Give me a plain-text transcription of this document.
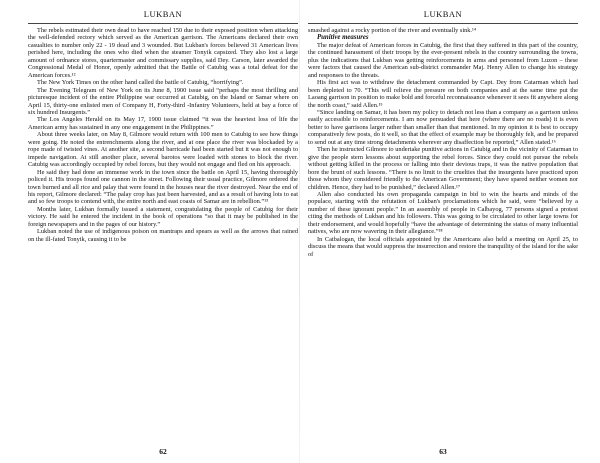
LUKBAN

The rebels estimated their own dead to have reached 150 due to their exposed position when attacking the well-defended rectory which served as the American garrison. The Americans declared their own casualties to number only 22 - 19 dead and 3 wounded. But Lukban's forces believed 31 American lives perished here, including the ones who died when the steamer Tonyik capsized. They also lost a large amount of ordnance stores, quartermaster and commissary supplies, said Dey. Carson, later awarded the Congressional Medal of Honor, openly admitted that the Battle of Catubig was a total defeat for the American forces.¹²

The New York Times on the other hand called the battle of Catubig, “horrifying”.

The Evening Telegram of New York on its June 8, 1900 issue said “perhaps the most thrilling and picturesque incident of the entire Philippine war occurred at Catubig, on the Island or Samar where on April 15, thirty-one enlisted men of Company H, Forty-third -Infantry Volunteers, held at bay a force of six hundred Insurgents.”

The Los Angeles Herald on its May 17, 1900 issue claimed “it was the heaviest loss of life the American army has sustained in any one engagement in the Philippines.”

About three weeks later, on May 8, Gilmore would return with 100 men to Catubig to see how things were going. He noted the entrenchments along the river, and at one place the river was blockaded by a rope made of twisted vines. At another site, a second barricade had been started but it was not enough to impede navigation. At still another place, several barotos were loaded with stones to block the river. Catubig was accordingly occupied by rebel forces, but they would not engage and fled on his approach.

He said they had done an immense work in the town since the battle on April 15, having thoroughly policed it. His troops found one cannon in the street. Following their usual practice, Gilmore ordered the town burned and all rice and palay that were found in the houses near the river destroyed. Near the end of his report, Gilmore declared: “The palay crop has just been harvested, and as a result of having lots to eat and so few troops to contend with, the entire north and east coasts of Samar are in rebellion.”¹³

Months later, Lukban formally issued a statement, congratulating the people of Catubig for their victory. He said he entered the incident in the book of operations “so that it may be published in the foreign newspapers and in the pages of our history.”

Lukban noted the use of indigenous poison on mantraps and spears as well as the arrows that rained on the ill-fated Tonyik, causing it to be

62
LUKBAN

smashed against a rocky portion of the river and eventually sink.¹⁴

Punitive measures

The major defeat of American forces in Catubig, the first that they suffered in this part of the country, the continued harassment of their troops by the ever-present rebels in the country surrounding the towns, plus the indications that Lukban was getting reinforcements in arms and personnel from Luzon – these were factors that caused the American sub-district commander Maj. Henry Allen to change his strategy and responses to the threats.

His first act was to withdraw the detachment commanded by Capt. Dey from Catarman which had been depleted to 70. “This will relieve the pressure on both companies and at the same time put the Laoang garrison in position to make bold and forceful reconnaissance whenever it sees fit anywhere along the north coast,” said Allen.¹⁵

“Since landing on Samar, it has been my policy to detach not less than a company as a garrison unless easily accessible to reinforcements. I am now persuaded that here (where there are no roads) it is even better to have garrisons larger rather than smaller than that mentioned. In my opinion it is best to occupy comparatively few posts, do it well, so that the effect of example may be thoroughly felt, and be prepared to send out at any time strong detachments wherever any disaffection be reported,” Allen stated.¹⁶

Then he instructed Gilmore to undertake punitive actions in Catubig and in the vicinity of Catarman to give the people stern lessons about supporting the rebel forces. Since they could not pursue the rebels without getting killed in the process or falling into their devious traps, it was the native population that bore the brunt of such lessons. “There is no limit to the cruelties that the insurgents have practiced upon those whom they considered friendly to the American Government; they have spared neither women nor children. Hence, they had to be punished,” declared Allen.¹⁷

Allen also conducted his own propaganda campaign in bid to win the hearts and minds of the populace, starting with the refutation of Lukban's proclamations which he said, were “believed by a number of these ignorant people.” In an assembly of people in Calbayog, 77 persons signed a protest citing the methods of Lukban and his followers. This was going to be circulated to other large towns for their endorsement, and would hopefully “have the advantage of determining the status of many influential natives, who are now wavering in their allegiance.”¹⁸

In Catbalogan, the local officials appointed by the Americans also held a meeting on April 25, to discuss the means that would suppress the insurrection and restore the tranquility of the island for the sake of

63
